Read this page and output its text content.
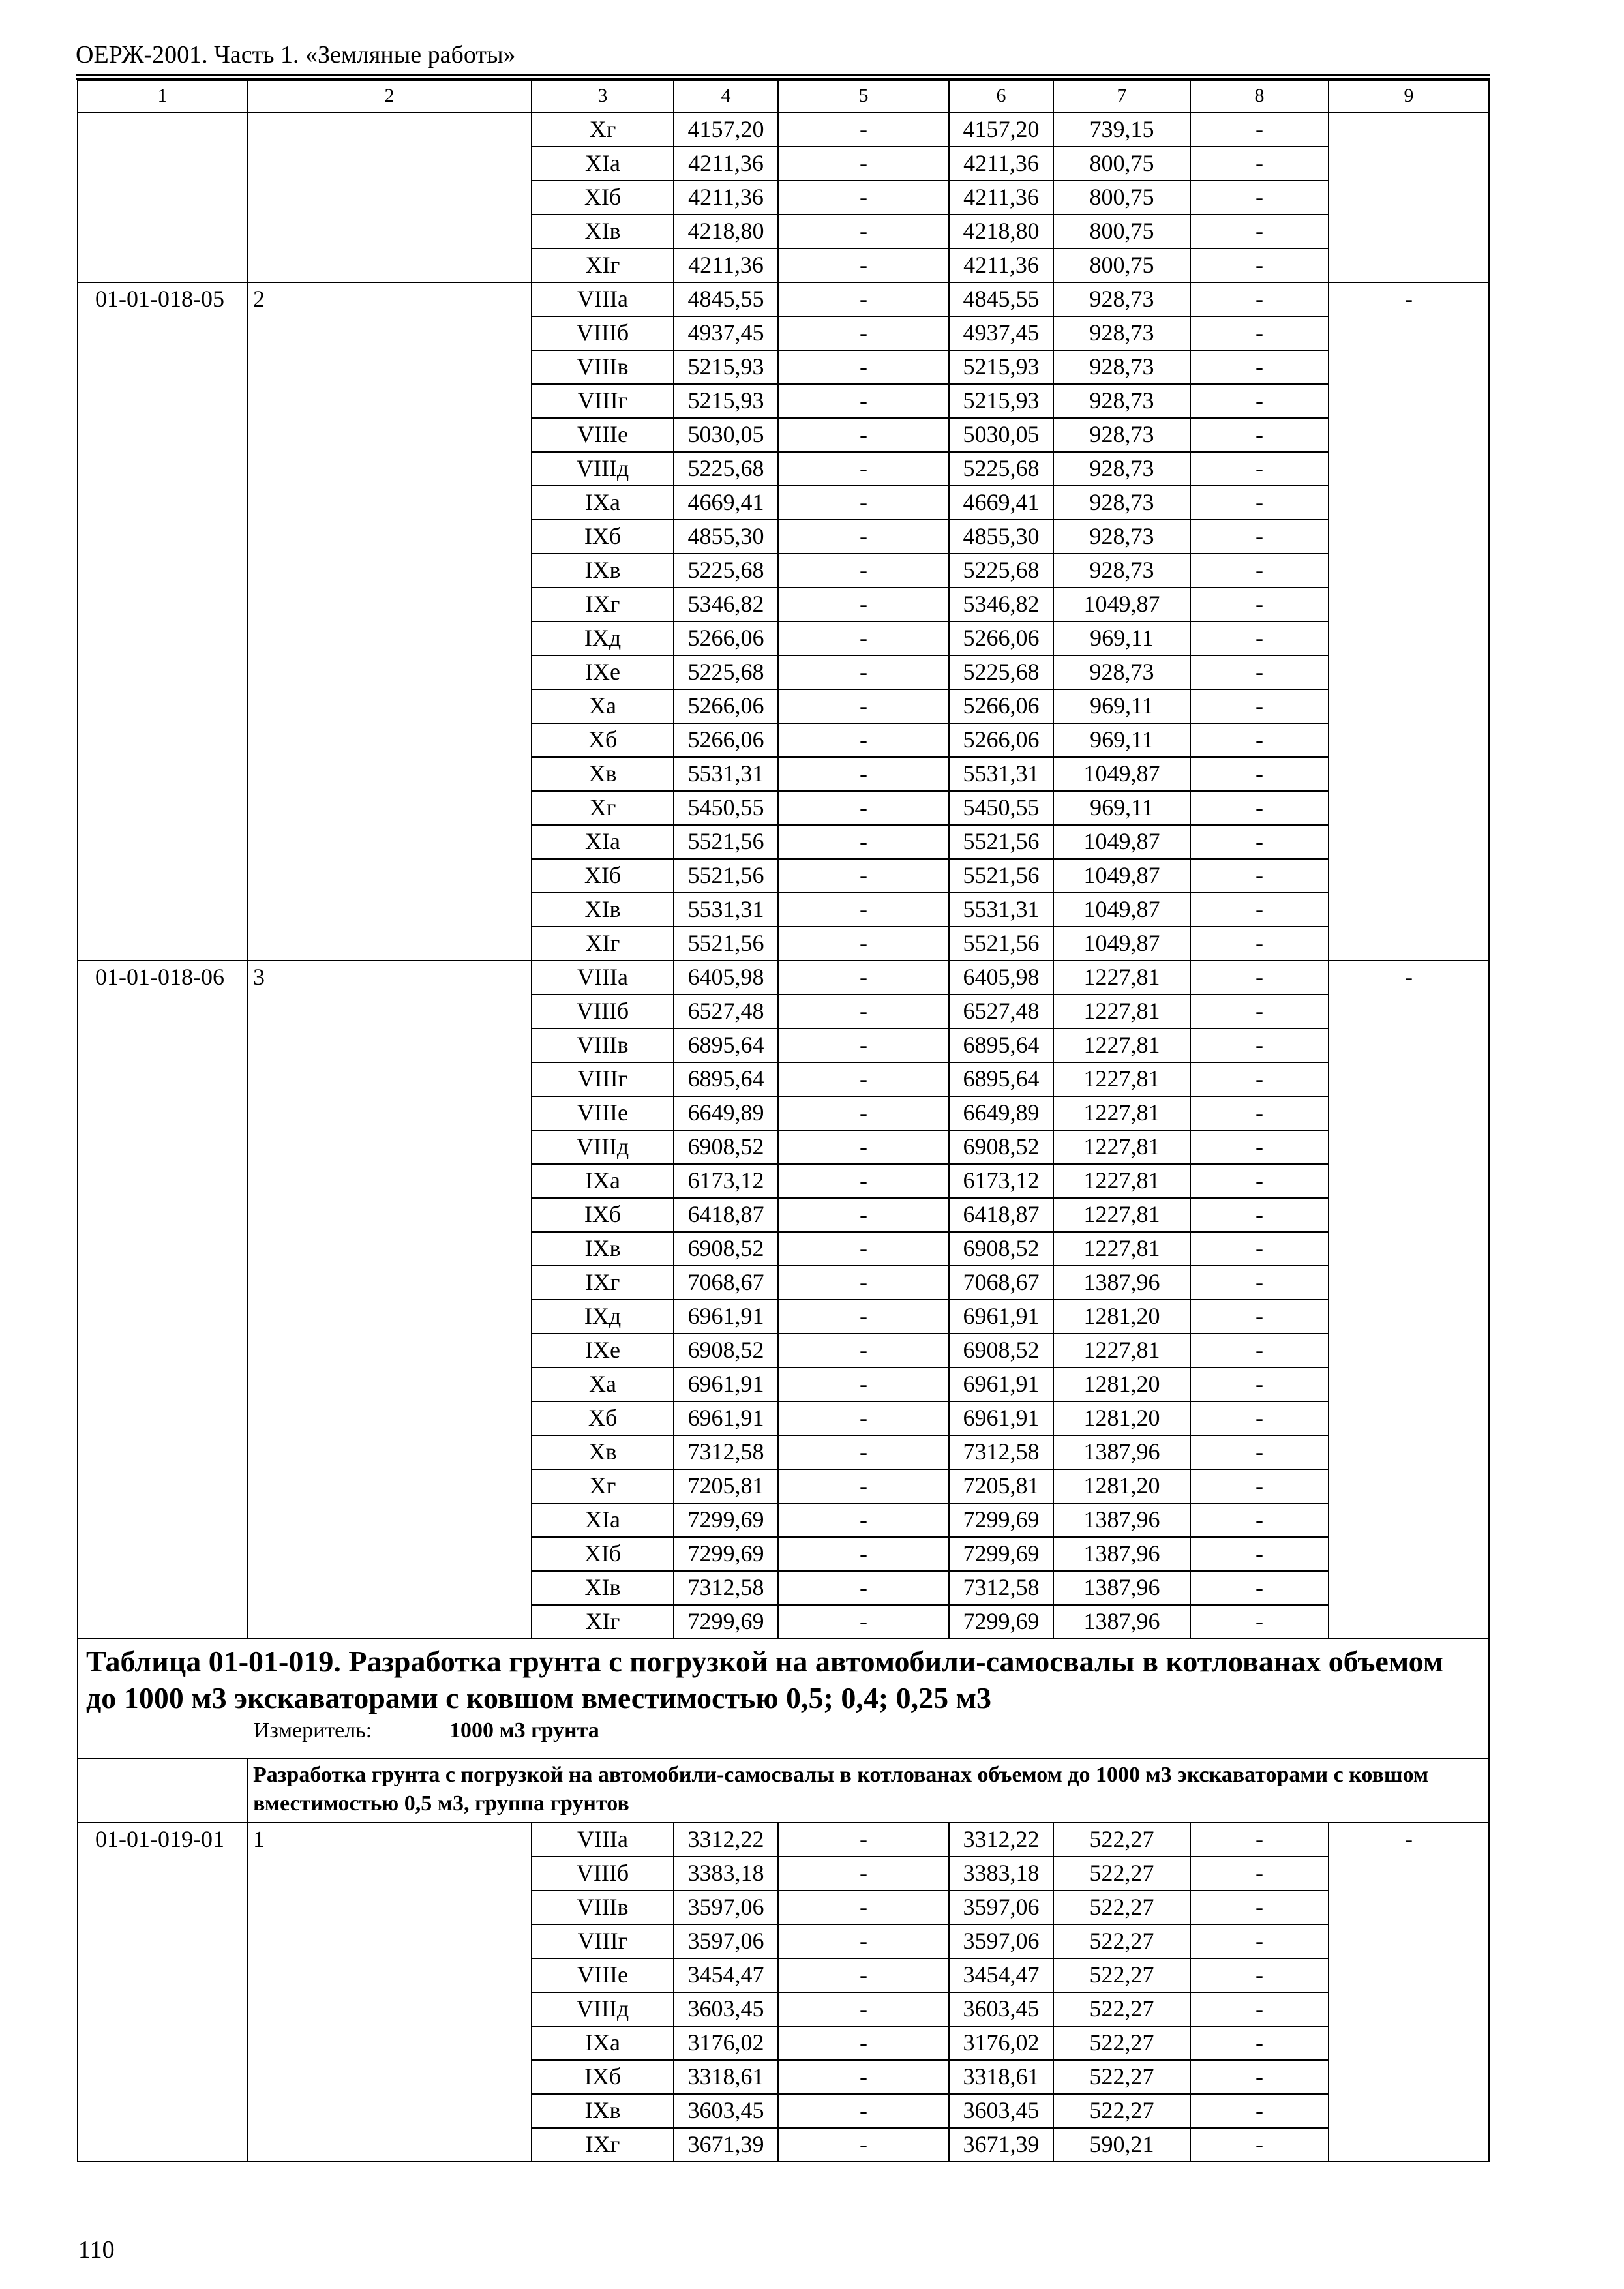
ОЕРЖ-2001. Часть 1. «Земляные работы»
1	2	3	4	5	6	7	8	9
		Xг	4157,20	-	4157,20	739,15	-	
		XIа	4211,36	-	4211,36	800,75	-	
		XIб	4211,36	-	4211,36	800,75	-	
		XIв	4218,80	-	4218,80	800,75	-	
		XIг	4211,36	-	4211,36	800,75	-	
01-01-018-05	2	VIIIа	4845,55	-	4845,55	928,73	-	-
		VIIIб	4937,45	-	4937,45	928,73	-	
		VIIIв	5215,93	-	5215,93	928,73	-	
		VIIIг	5215,93	-	5215,93	928,73	-	
		VIIIе	5030,05	-	5030,05	928,73	-	
		VIIIд	5225,68	-	5225,68	928,73	-	
		IXа	4669,41	-	4669,41	928,73	-	
		IXб	4855,30	-	4855,30	928,73	-	
		IXв	5225,68	-	5225,68	928,73	-	
		IXг	5346,82	-	5346,82	1049,87	-	
		IXд	5266,06	-	5266,06	969,11	-	
		IXе	5225,68	-	5225,68	928,73	-	
		Xа	5266,06	-	5266,06	969,11	-	
		Xб	5266,06	-	5266,06	969,11	-	
		Xв	5531,31	-	5531,31	1049,87	-	
		Xг	5450,55	-	5450,55	969,11	-	
		XIа	5521,56	-	5521,56	1049,87	-	
		XIб	5521,56	-	5521,56	1049,87	-	
		XIв	5531,31	-	5531,31	1049,87	-	
		XIг	5521,56	-	5521,56	1049,87	-	
01-01-018-06	3	VIIIа	6405,98	-	6405,98	1227,81	-	-
		VIIIб	6527,48	-	6527,48	1227,81	-	
		VIIIв	6895,64	-	6895,64	1227,81	-	
		VIIIг	6895,64	-	6895,64	1227,81	-	
		VIIIе	6649,89	-	6649,89	1227,81	-	
		VIIIд	6908,52	-	6908,52	1227,81	-	
		IXа	6173,12	-	6173,12	1227,81	-	
		IXб	6418,87	-	6418,87	1227,81	-	
		IXв	6908,52	-	6908,52	1227,81	-	
		IXг	7068,67	-	7068,67	1387,96	-	
		IXд	6961,91	-	6961,91	1281,20	-	
		IXе	6908,52	-	6908,52	1227,81	-	
		Xа	6961,91	-	6961,91	1281,20	-	
		Xб	6961,91	-	6961,91	1281,20	-	
		Xв	7312,58	-	7312,58	1387,96	-	
		Xг	7205,81	-	7205,81	1281,20	-	
		XIа	7299,69	-	7299,69	1387,96	-	
		XIб	7299,69	-	7299,69	1387,96	-	
		XIв	7312,58	-	7312,58	1387,96	-	
		XIг	7299,69	-	7299,69	1387,96	-	

Таблица 01-01-019. Разработка грунта с погрузкой на автомобили-самосвалы в котлованах объемом до 1000 м3 экскаваторами с ковшом вместимостью 0,5; 0,4; 0,25 м3
Измеритель: 1000 м3 грунта								

	Разработка грунта с погрузкой на автомобили-самосвалы в котлованах объемом до 1000 м3 экскаваторами с ковшом вместимостью 0,5 м3, группа грунтов							
01-01-019-01	1	VIIIа	3312,22	-	3312,22	522,27	-	-
		VIIIб	3383,18	-	3383,18	522,27	-	
		VIIIв	3597,06	-	3597,06	522,27	-	
		VIIIг	3597,06	-	3597,06	522,27	-	
		VIIIе	3454,47	-	3454,47	522,27	-	
		VIIIд	3603,45	-	3603,45	522,27	-	
		IXа	3176,02	-	3176,02	522,27	-	
		IXб	3318,61	-	3318,61	522,27	-	
		IXв	3603,45	-	3603,45	522,27	-	
		IXг	3671,39	-	3671,39	590,21	-	
110
